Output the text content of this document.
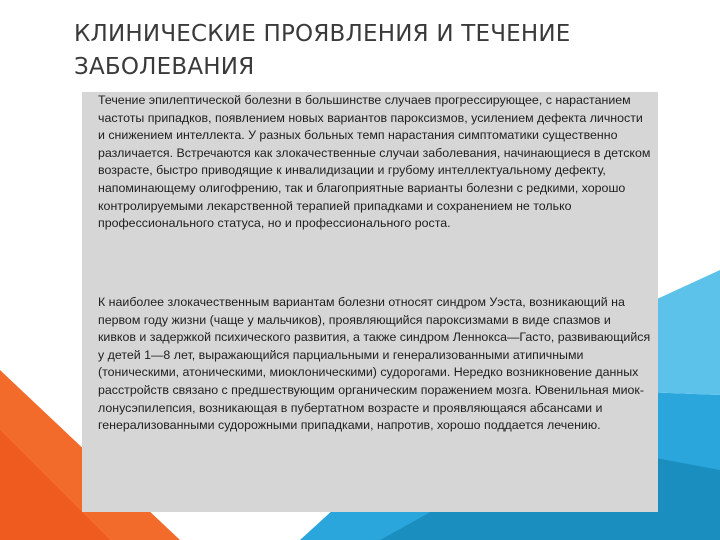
КЛИНИЧЕСКИЕ ПРОЯВЛЕНИЯ И ТЕЧЕНИЕ ЗАБОЛЕВАНИЯ

Течение эпилептической болезни в большинстве случаев прогрессирующее, с нарастанием частоты припадков, появлением новых вариантов пароксизмов, усилением дефекта личности и снижением интеллекта. У разных больных темп нарастания симптоматики существенно различается. Встречаются как злокачественные случаи заболевания, начинающиеся в детском возрасте, быстро приводящие к инвалидизации и грубому интеллектуальному дефекту, напоминающему олигофрению, так и благоприятные варианты болезни с редкими, хорошо контролируемыми лекарственной терапией припадками и сохранением не только профессионального статуса, но и профессионального роста.

К наиболее злокачественным вариантам болезни относят синдром Уэста, возникающий на первом году жизни (чаще у мальчиков), проявляющийся пароксизмами в виде спазмов и кивков и задержкой психического развития, а также синдром Леннокса—Гасто, развивающийся у детей 1—8 лет, выражающийся парциальными и генерализованными атипичными (тоническими, атоническими, миоклоническими) судорогами. Нередко возникновение данных расстройств связано с предшествующим органическим поражением мозга. Ювенильная миок- лонусэпилепсия, возникающая в пубертатном возрасте и проявляющаяся абсансами и генерализованными судорожными припадками, напротив, хорошо поддается лечению.
